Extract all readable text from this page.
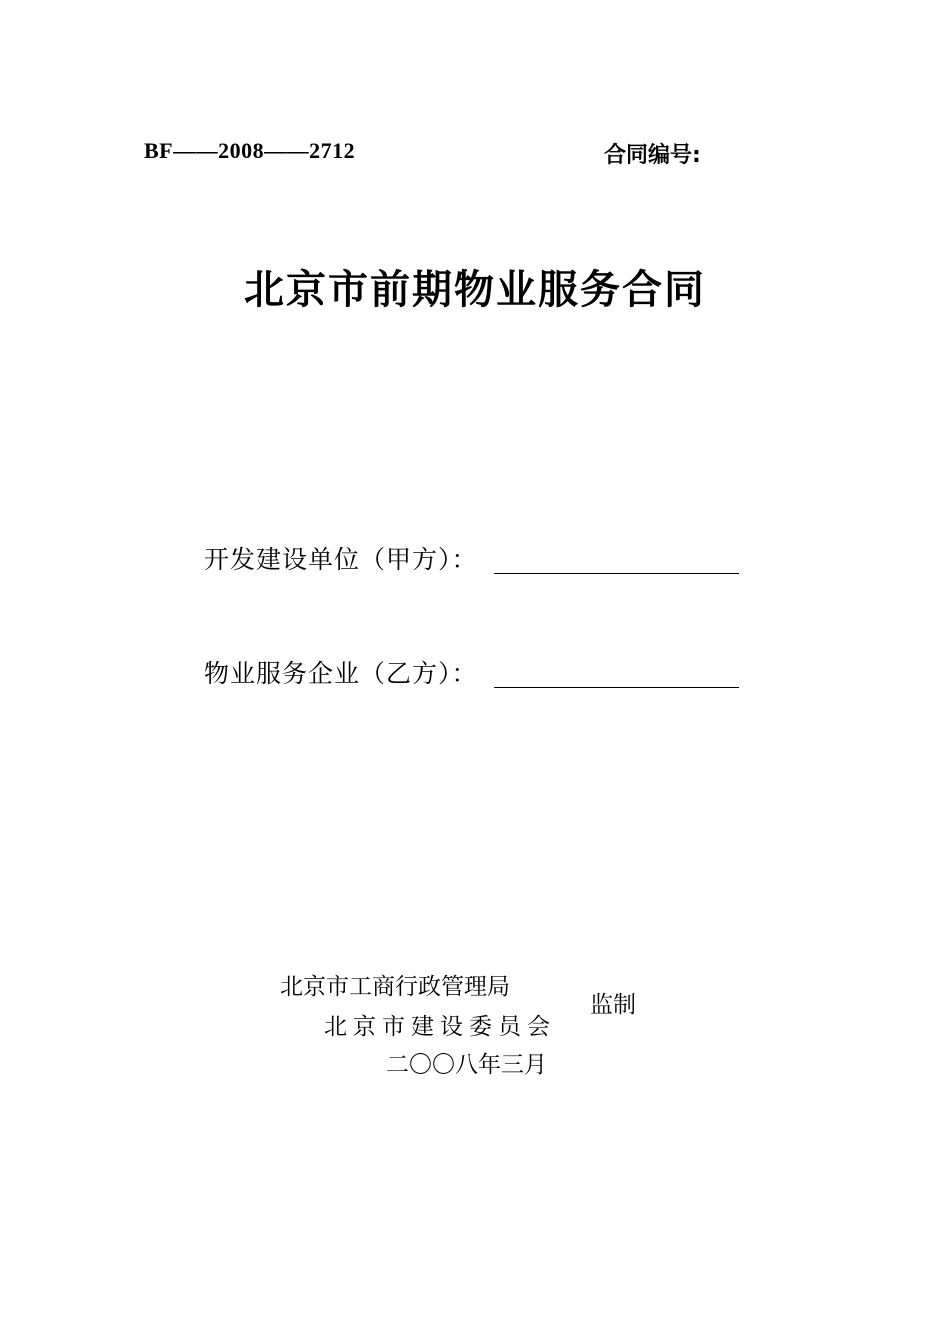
BF——2008——2712	合同编号:
北京市前期物业服务合同
开发建设单位（甲方）：
物业服务企业（乙方）：
北京市工商行政管理局
北京市建设委员会
监制
二〇〇八年三月
